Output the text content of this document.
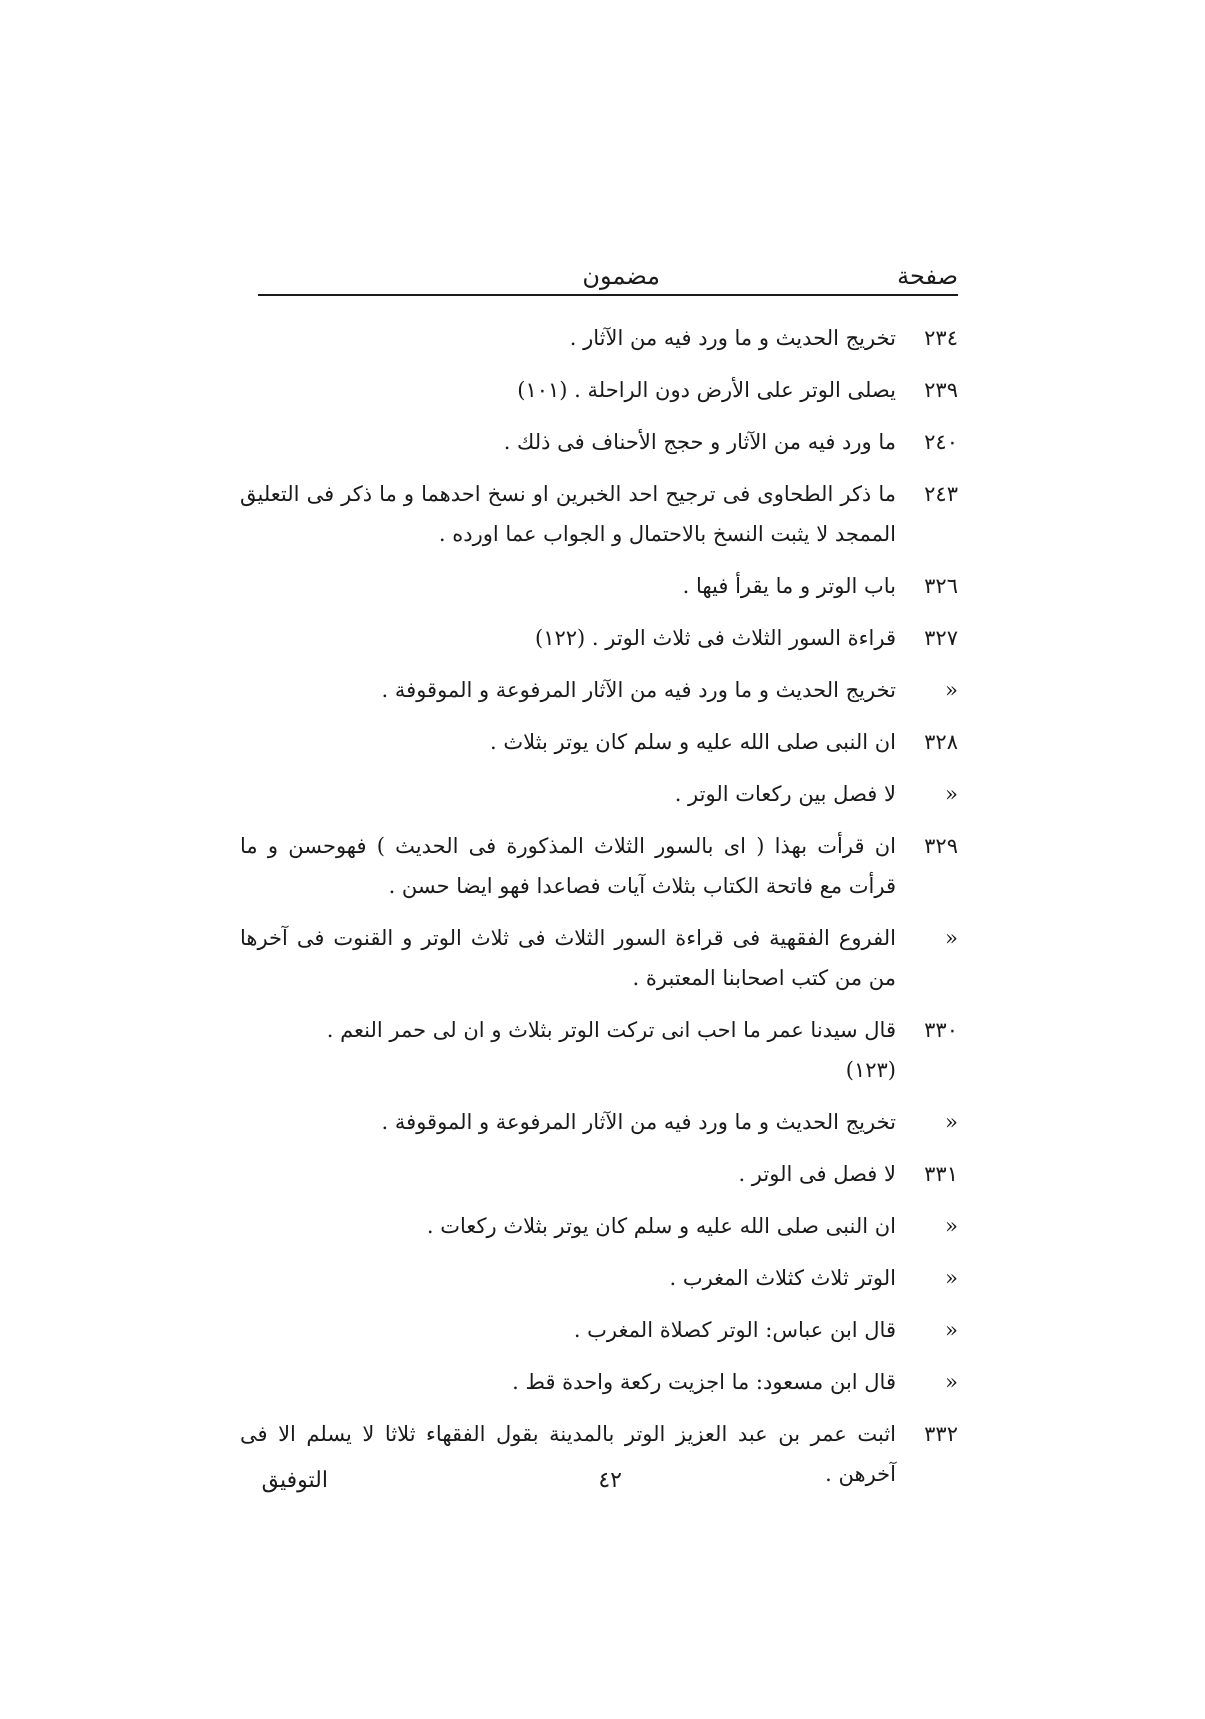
صفحة
مضمون
٢٣٤
تخريج الحديث و ما ورد فيه من الآثار .
٢٣٩
يصلى الوتر على الأرض دون الراحلة . (١٠١)
٢٤٠
ما ورد فيه من الآثار و حجج الأحناف فى ذلك .
٢٤٣
ما ذكر الطحاوى فى ترجيح احد الخبرين او نسخ احدهما و ما ذكر فى التعليق الممجد لا يثبت النسخ بالاحتمال و الجواب عما اورده .
٣٢٦
باب الوتر و ما يقرأ فيها .
٣٢٧
قراءة السور الثلاث فى ثلاث الوتر . (١٢٢)
«
تخريج الحديث و ما ورد فيه من الآثار المرفوعة و الموقوفة .
٣٢٨
ان النبى صلى الله عليه و سلم كان يوتر بثلاث .
«
لا فصل بين ركعات الوتر .
٣٢٩
ان قرأت بهذا ( اى بالسور الثلاث المذكورة فى الحديث ) فهوحسن و ما قرأت مع فاتحة الكتاب بثلاث آيات فصاعدا فهو ايضا حسن .
«
الفروع الفقهية فى قراءة السور الثلاث فى ثلاث الوتر و القنوت فى آخرها من من كتب اصحابنا المعتبرة .
٣٣٠
قال سيدنا عمر ما احب انى تركت الوتر بثلاث و ان لى حمر النعم . (١٢٣)
«
تخريج الحديث و ما ورد فيه من الآثار المرفوعة و الموقوفة .
٣٣١
لا فصل فى الوتر .
«
ان النبى صلى الله عليه و سلم كان يوتر بثلاث ركعات .
«
الوتر ثلاث كثلاث المغرب .
«
قال ابن عباس: الوتر كصلاة المغرب .
«
قال ابن مسعود: ما اجزيت ركعة واحدة قط .
٣٣٢
اثبت عمر بن عبد العزيز الوتر بالمدينة بقول الفقهاء ثلاثا لا يسلم الا فى آخرهن .
٤٢
التوفيق
